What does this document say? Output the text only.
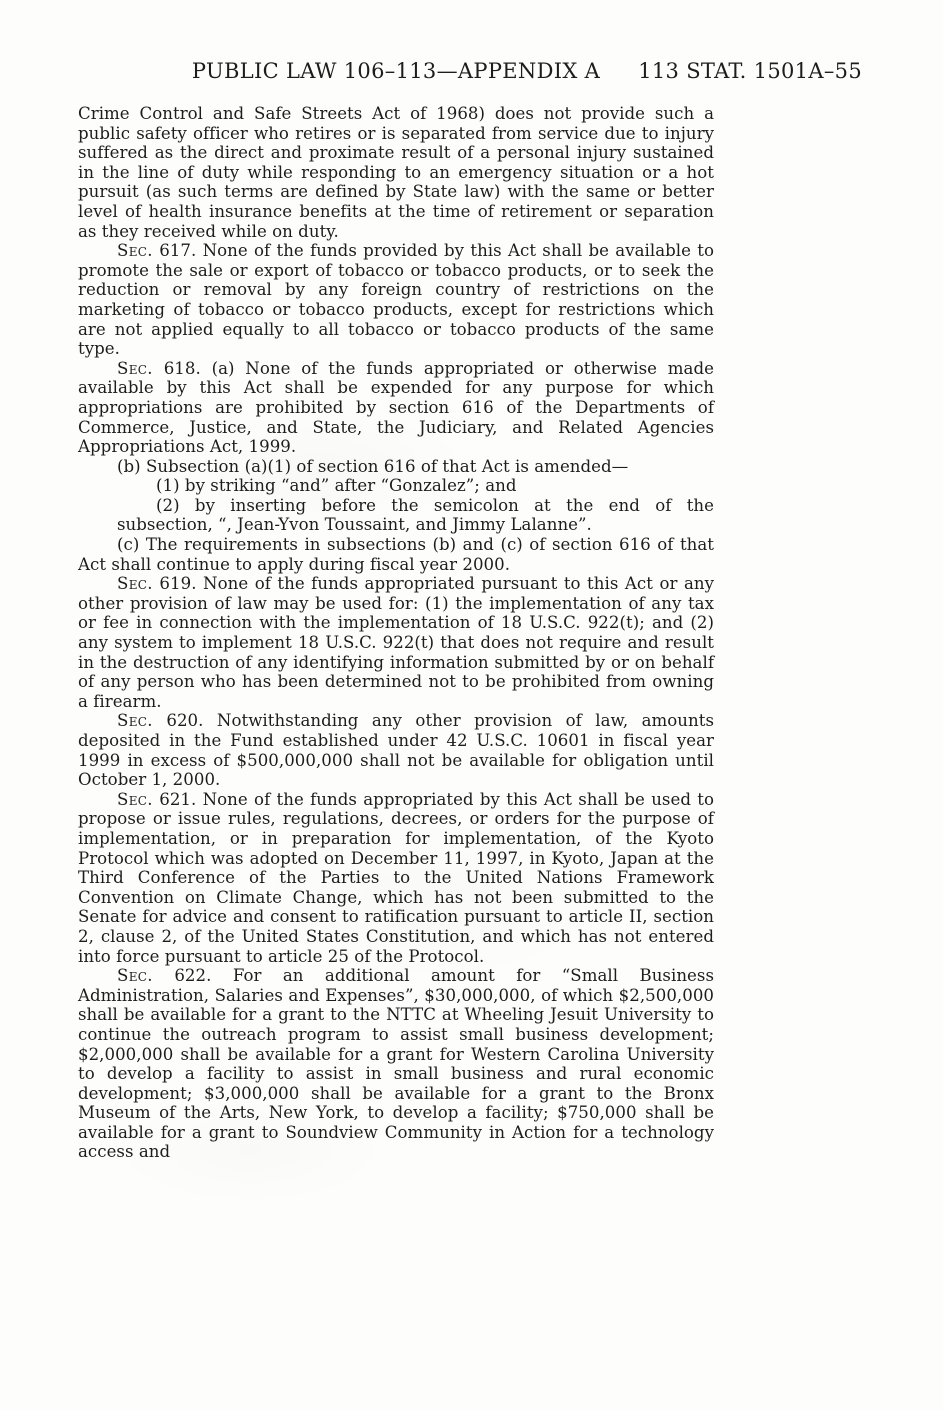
PUBLIC LAW 106–113—APPENDIX A	113 STAT. 1501A–55

Crime Control and Safe Streets Act of 1968) does not provide such a public safety officer who retires or is separated from service due to injury suffered as the direct and proximate result of a personal injury sustained in the line of duty while responding to an emergency situation or a hot pursuit (as such terms are defined by State law) with the same or better level of health insurance benefits at the time of retirement or separation as they received while on duty.

Sec. 617. None of the funds provided by this Act shall be available to promote the sale or export of tobacco or tobacco products, or to seek the reduction or removal by any foreign country of restrictions on the marketing of tobacco or tobacco products, except for restrictions which are not applied equally to all tobacco or tobacco products of the same type.

Sec. 618. (a) None of the funds appropriated or otherwise made available by this Act shall be expended for any purpose for which appropriations are prohibited by section 616 of the Departments of Commerce, Justice, and State, the Judiciary, and Related Agencies Appropriations Act, 1999.

(b) Subsection (a)(1) of section 616 of that Act is amended—

(1) by striking “and” after “Gonzalez”; and

(2) by inserting before the semicolon at the end of the subsection, “, Jean-Yvon Toussaint, and Jimmy Lalanne”.

(c) The requirements in subsections (b) and (c) of section 616 of that Act shall continue to apply during fiscal year 2000.

Sec. 619. None of the funds appropriated pursuant to this Act or any other provision of law may be used for: (1) the implementation of any tax or fee in connection with the implementation of 18 U.S.C. 922(t); and (2) any system to implement 18 U.S.C. 922(t) that does not require and result in the destruction of any identifying information submitted by or on behalf of any person who has been determined not to be prohibited from owning a firearm.

Sec. 620. Notwithstanding any other provision of law, amounts deposited in the Fund established under 42 U.S.C. 10601 in fiscal year 1999 in excess of $500,000,000 shall not be available for obligation until October 1, 2000.

Sec. 621. None of the funds appropriated by this Act shall be used to propose or issue rules, regulations, decrees, or orders for the purpose of implementation, or in preparation for implementation, of the Kyoto Protocol which was adopted on December 11, 1997, in Kyoto, Japan at the Third Conference of the Parties to the United Nations Framework Convention on Climate Change, which has not been submitted to the Senate for advice and consent to ratification pursuant to article II, section 2, clause 2, of the United States Constitution, and which has not entered into force pursuant to article 25 of the Protocol.

Sec. 622. For an additional amount for “Small Business Administration, Salaries and Expenses”, $30,000,000, of which $2,500,000 shall be available for a grant to the NTTC at Wheeling Jesuit University to continue the outreach program to assist small business development; $2,000,000 shall be available for a grant for Western Carolina University to develop a facility to assist in small business and rural economic development; $3,000,000 shall be available for a grant to the Bronx Museum of the Arts, New York, to develop a facility; $750,000 shall be available for a grant to Soundview Community in Action for a technology access and
